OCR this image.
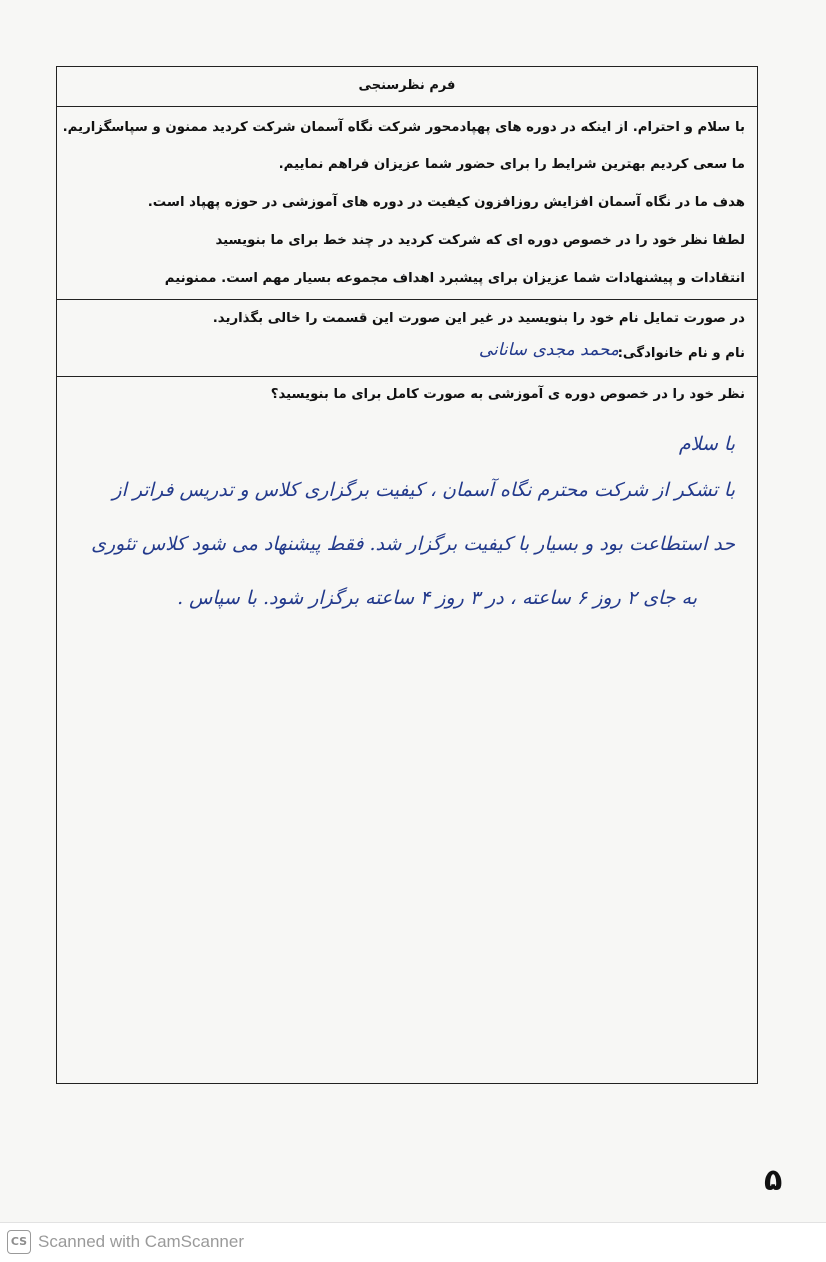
فرم نظرسنجی
با سلام و احترام. از اینکه در دوره های پهپادمحور شرکت نگاه آسمان شرکت کردید ممنون و سپاسگزاریم.
ما سعی کردیم بهترین شرایط را برای حضور شما عزیزان فراهم نماییم.
هدف ما در نگاه آسمان افزایش روزافزون کیفیت در دوره های آموزشی در حوزه پهپاد است.
لطفا نظر خود را در خصوص دوره ای که شرکت کردید در چند خط برای ما بنویسید
انتقادات و پیشنهادات شما عزیزان برای پیشبرد اهداف مجموعه بسیار مهم است. ممنونیم
در صورت تمایل نام خود را بنویسید در غیر این صورت این قسمت را خالی بگذارید.
نام و نام خانوادگی:
محمد مجدی سانانی
نظر خود را در خصوص دوره ی آموزشی به صورت کامل برای ما بنویسید؟
با سلام
با تشکر از شرکت محترم نگاه آسمان ، کیفیت برگزاری کلاس و تدریس فراتر از
حد استطاعت بود و بسیار با کیفیت برگزار شد. فقط پیشنهاد می شود کلاس تئوری
به جای ۲ روز ۶ ساعته ، در ۳ روز ۴ ساعته برگزار شود. با سپاس .
۵
CS Scanned with CamScanner
